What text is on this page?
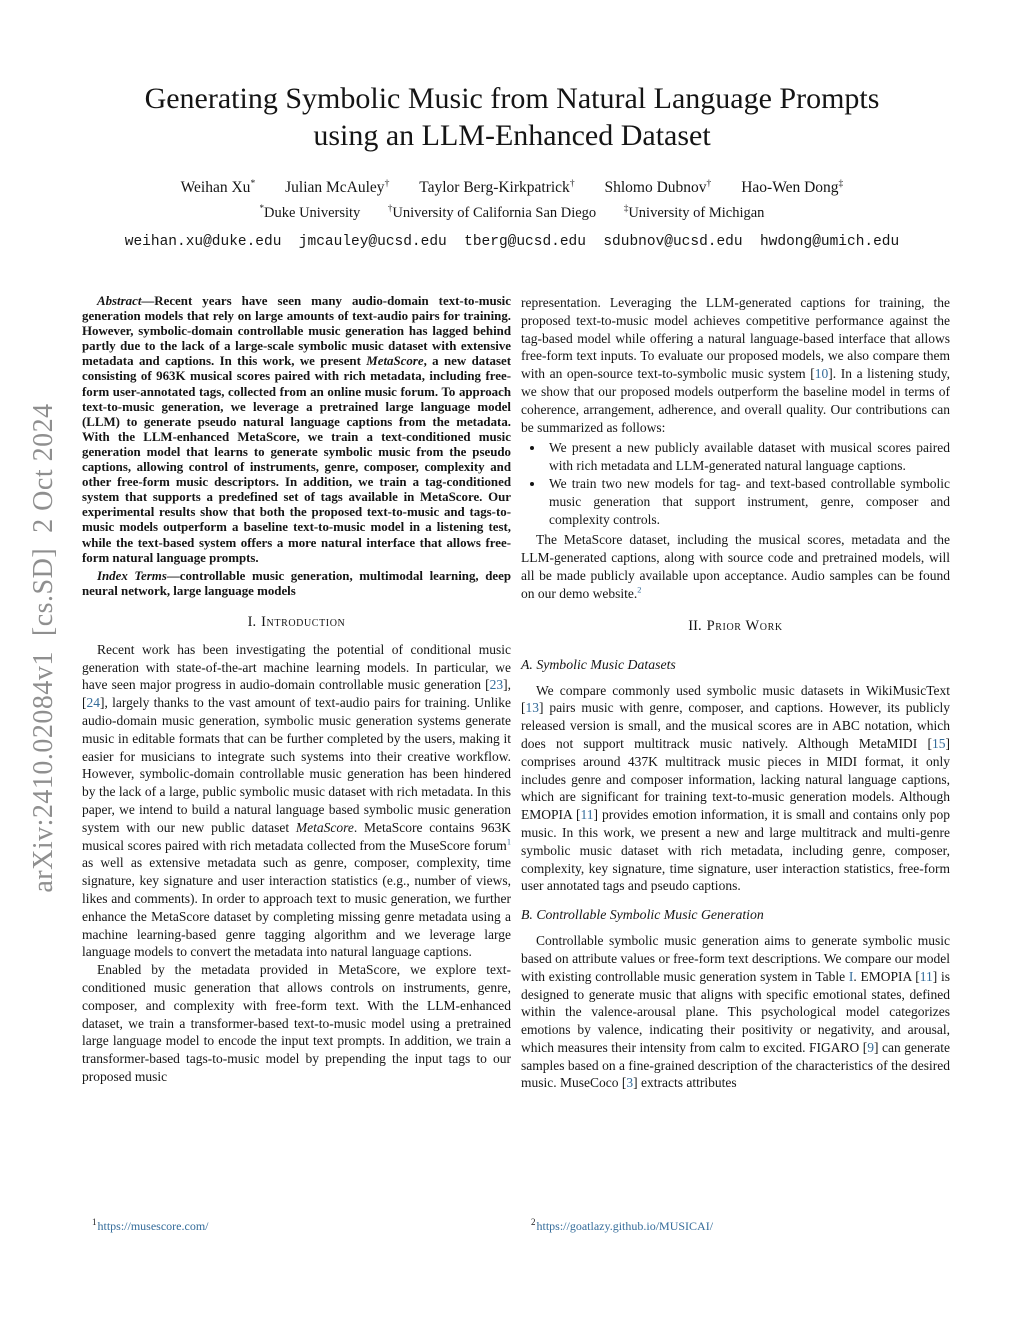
arXiv:2410.02084v1  [cs.SD]  2 Oct 2024
Generating Symbolic Music from Natural Language Prompts
using an LLM-Enhanced Dataset
Weihan Xu* Julian McAuley† Taylor Berg-Kirkpatrick† Shlomo Dubnov† Hao-Wen Dong‡
*Duke University	†University of California San Diego	‡University of Michigan
weihan.xu@duke.edu  jmcauley@ucsd.edu  tberg@ucsd.edu  sdubnov@ucsd.edu  hwdong@umich.edu

Abstract—Recent years have seen many audio-domain text-to-music generation models that rely on large amounts of text-audio pairs for training. However, symbolic-domain controllable music generation has lagged behind partly due to the lack of a large-scale symbolic music dataset with extensive metadata and captions. In this work, we present MetaScore, a new dataset consisting of 963K musical scores paired with rich metadata, including free-form user-annotated tags, collected from an online music forum. To approach text-to-music generation, we leverage a pretrained large language model (LLM) to generate pseudo natural language captions from the metadata. With the LLM-enhanced MetaScore, we train a text-conditioned music generation model that learns to generate symbolic music from the pseudo captions, allowing control of instruments, genre, composer, complexity and other free-form music descriptors. In addition, we train a tag-conditioned system that supports a predefined set of tags available in MetaScore. Our experimental results show that both the proposed text-to-music and tags-to-music models outperform a baseline text-to-music model in a listening test, while the text-based system offers a more natural interface that allows free-form natural language prompts.

Index Terms—controllable music generation, multimodal learning, deep neural network, large language models

I. Introduction

Recent work has been investigating the potential of conditional music generation with state-of-the-art machine learning models. In particular, we have seen major progress in audio-domain controllable music generation [23], [24], largely thanks to the vast amount of text-audio pairs for training. Unlike audio-domain music generation, symbolic music generation systems generate music in editable formats that can be further completed by the users, making it easier for musicians to integrate such systems into their creative workflow. However, symbolic-domain controllable music generation has been hindered by the lack of a large, public symbolic music dataset with rich metadata. In this paper, we intend to build a natural language based symbolic music generation system with our new public dataset MetaScore. MetaScore contains 963K musical scores paired with rich metadata collected from the MuseScore forum$^1$ as well as extensive metadata such as genre, composer, complexity, time signature, key signature and user interaction statistics (e.g., number of views, likes and comments). In order to approach text to music generation, we further enhance the MetaScore dataset by completing missing genre metadata using a machine learning-based genre tagging algorithm and we leverage large language models to convert the metadata into natural language captions.

Enabled by the metadata provided in MetaScore, we explore text-conditioned music generation that allows controls on instruments, genre, composer, and complexity with free-form text. With the LLM-enhanced dataset, we train a transformer-based text-to-music model using a pretrained large language model to encode the input text prompts. In addition, we train a transformer-based tags-to-music model by prepending the input tags to our proposed music

$^1$https://musescore.com/

representation. Leveraging the LLM-generated captions for training, the proposed text-to-music model achieves competitive performance against the tag-based model while offering a natural language-based interface that allows free-form text inputs. To evaluate our proposed models, we also compare them with an open-source text-to-symbolic music system [10]. In a listening study, we show that our proposed models outperform the baseline model in terms of coherence, arrangement, adherence, and overall quality. Our contributions can be summarized as follows:

• We present a new publicly available dataset with musical scores paired with rich metadata and LLM-generated natural language captions.
• We train two new models for tag- and text-based controllable symbolic music generation that support instrument, genre, composer and complexity controls.

The MetaScore dataset, including the musical scores, metadata and the LLM-generated captions, along with source code and pretrained models, will all be made publicly available upon acceptance. Audio samples can be found on our demo website.$^2$

II. Prior Work
A. Symbolic Music Datasets

We compare commonly used symbolic music datasets in WikiMusicText [13] pairs music with genre, composer, and captions. However, its publicly released version is small, and the musical scores are in ABC notation, which does not support multitrack music natively. Although MetaMIDI [15] comprises around 437K multitrack music pieces in MIDI format, it only includes genre and composer information, lacking natural language captions, which are significant for training text-to-music generation models. Although EMOPIA [11] provides emotion information, it is small and contains only pop music. In this work, we present a new and large multitrack and multi-genre symbolic music dataset with rich metadata, including genre, composer, complexity, key signature, time signature, user interaction statistics, free-form user annotated tags and pseudo captions.

B. Controllable Symbolic Music Generation

Controllable symbolic music generation aims to generate symbolic music based on attribute values or free-form text descriptions. We compare our model with existing controllable music generation system in Table I. EMOPIA [11] is designed to generate music that aligns with specific emotional states, defined within the valence-arousal plane. This psychological model categorizes emotions by valence, indicating their positivity or negativity, and arousal, which measures their intensity from calm to excited. FIGARO [9] can generate samples based on a fine-grained description of the characteristics of the desired music. MuseCoco [3] extracts attributes

$^2$https://goatlazy.github.io/MUSICAI/
